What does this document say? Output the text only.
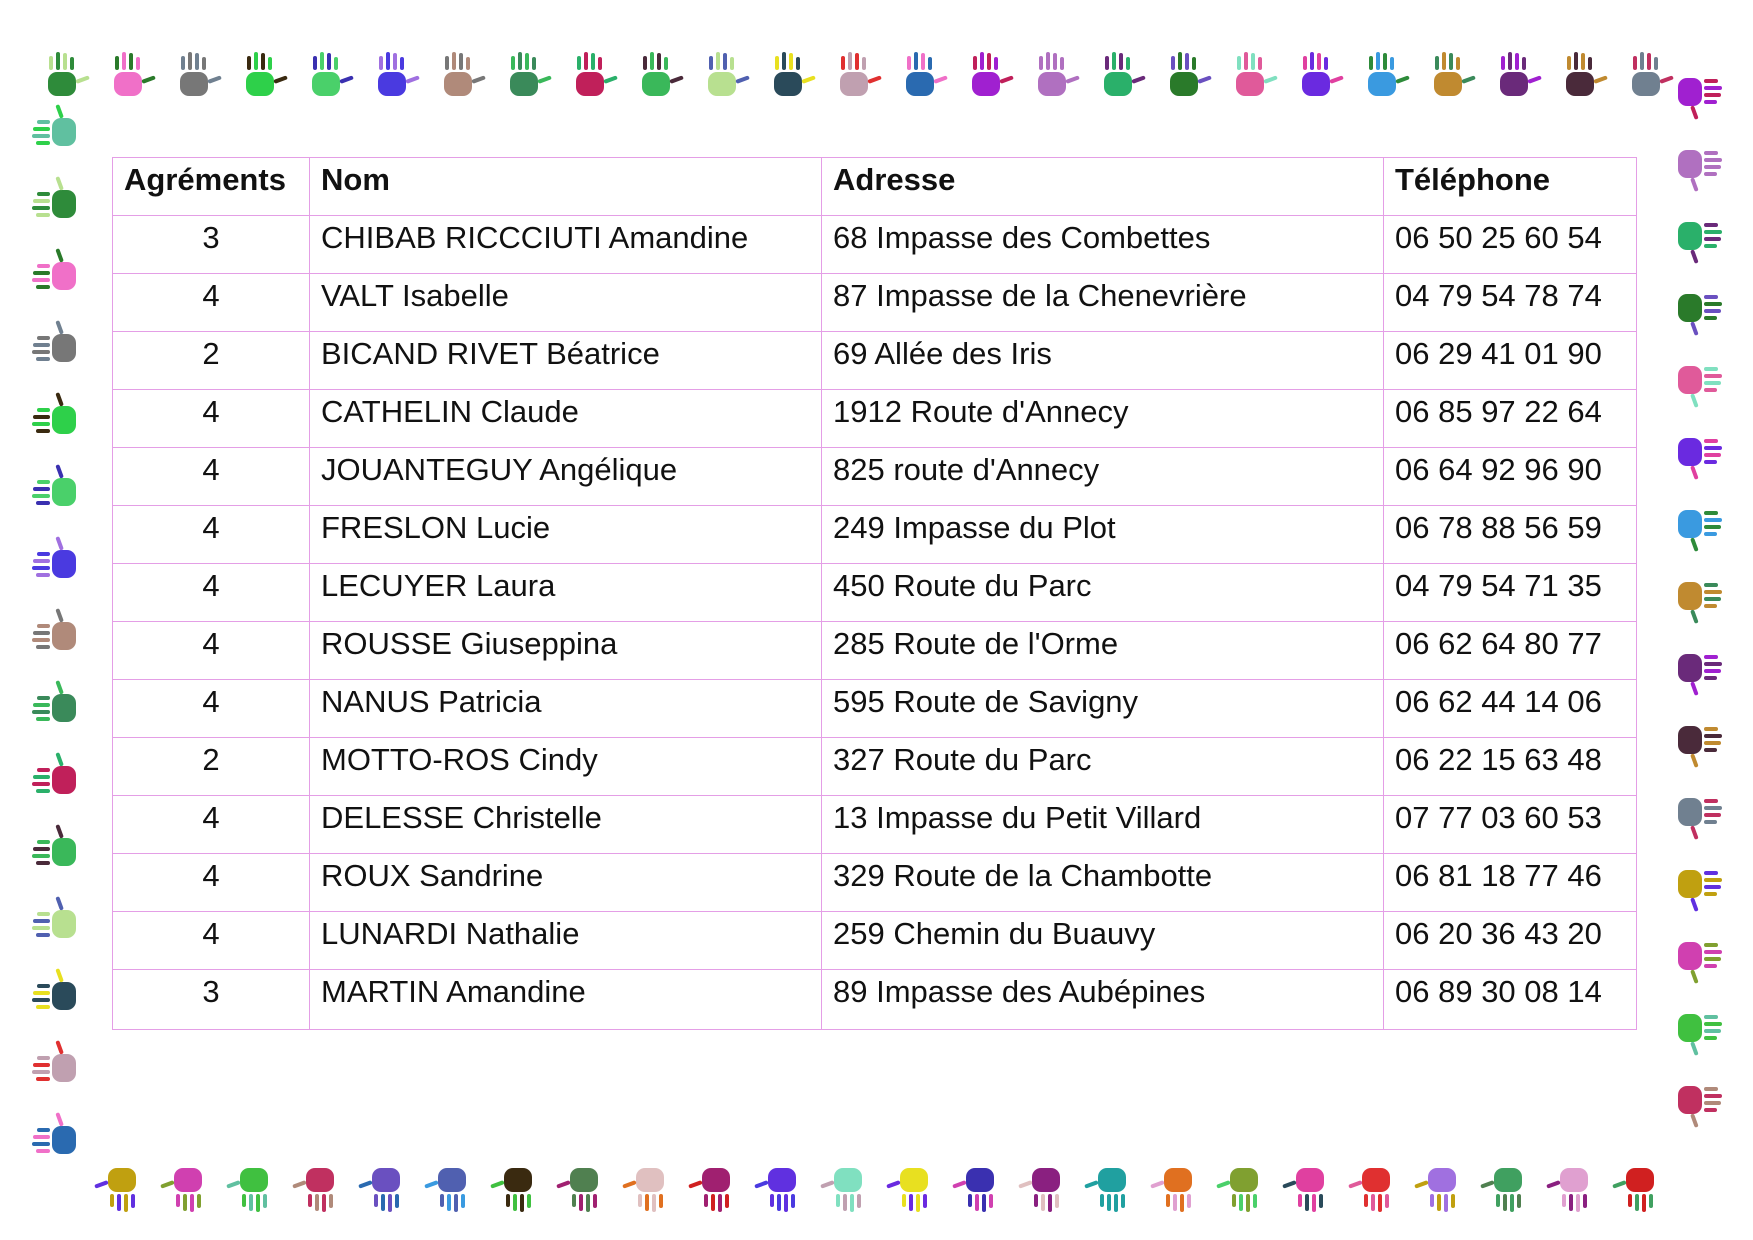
Agréments	Nom	Adresse	Téléphone
3	CHIBAB RICCCIUTI Amandine	68 Impasse des Combettes	06 50 25 60 54
4	VALT Isabelle	87 Impasse de la Chenevrière	04 79 54 78 74
2	BICAND RIVET Béatrice	69 Allée des Iris	06 29 41 01 90
4	CATHELIN Claude	1912 Route d'Annecy	06 85 97 22 64
4	JOUANTEGUY Angélique	825 route d'Annecy	06 64 92 96 90
4	FRESLON Lucie	249 Impasse du Plot	06 78 88 56 59
4	LECUYER Laura	450 Route du Parc	04 79 54 71 35
4	ROUSSE Giuseppina	285 Route de l'Orme	06 62 64 80 77
4	NANUS Patricia	595 Route de Savigny	06 62 44 14 06
2	MOTTO-ROS Cindy	327 Route du Parc	06 22 15 63 48
4	DELESSE Christelle	13 Impasse du Petit Villard	07 77 03 60 53
4	ROUX Sandrine	329 Route de la Chambotte	06 81 18 77 46
4	LUNARDI Nathalie	259 Chemin du Buauvy	06 20 36 43 20
3	MARTIN Amandine	89 Impasse des Aubépines	06 89 30 08 14
